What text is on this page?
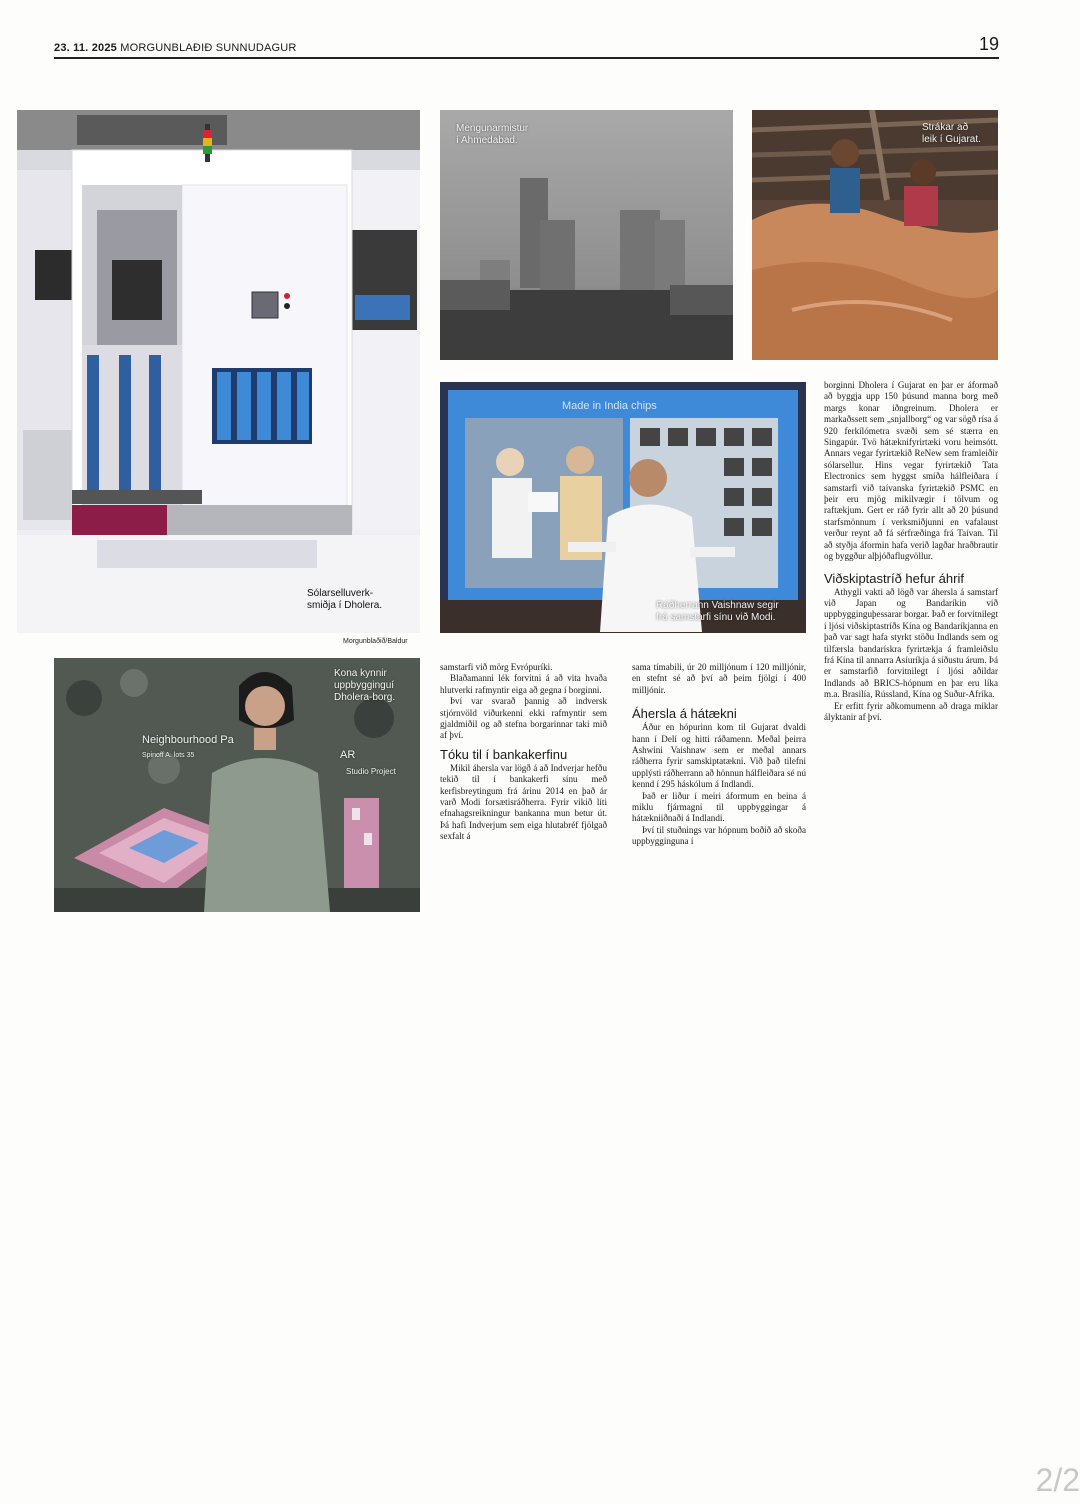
23. 11. 2025 MORGUNBLAÐIÐ SUNNUDAGUR	19
Sólarselluverk-
smiðja í Dholera.
Morgunblaðið/Baldur
Mengunarmistur
í Ahmedabad.
Strákar að
leik í Gujarat.
Made in India chips
Ráðherrann Vaishnaw segir
frá samstarfi sínu við Modi.
Neighbourhood Pa
Spinoff A. lots 35	AR
Studio Project
Kona kynnir
uppbygginguí
Dholera-borg.

borginni Dholera í Gujarat en þar er áformað að byggja upp 150 þúsund manna borg með margs konar iðngreinum. Dholera er markaðssett sem „snjallborg“ og var sögð rísa á 920 ferkílómetra svæði sem sé stærra en Singapúr. Tvö hátæknifyrirtæki voru heimsótt. Annars vegar fyrirtækið ReNew sem framleiðir sólarsellur. Hins vegar fyrirtækið Tata Electronics sem hyggst smíða hálfleiðara í samstarfi við taívanska fyrirtækið PSMC en þeir eru mjög mikilvægir í tölvum og raftækjum. Gert er ráð fyrir allt að 20 þúsund starfsmönnum í verksmiðjunni en vafalaust verður reynt að fá sérfræðinga frá Taívan. Til að styðja áformin hafa verið lagðar hraðbrautir og byggður alþjóðaflugvöllur.

Viðskiptastríð hefur áhrif

Athygli vakti að lögð var áhersla á samstarf við Japan og Bandaríkin við uppbygginguþessarar borgar. Það er forvitnilegt í ljósi viðskiptastríðs Kína og Bandaríkjanna en það var sagt hafa styrkt stöðu Indlands sem og tilfærsla bandarískra fyrirtækja á framleiðslu frá Kína til annarra Asíuríkja á síðustu árum. Þá er samstarfið forvitnilegt í ljósi aðildar Indlands að BRICS-hópnum en þar eru líka m.a. Brasilía, Rússland, Kína og Suður-Afríka.

Er erfitt fyrir aðkomumenn að draga miklar ályktanir af því.

samstarfi við mörg Evrópuríki.

Blaðamanni lék forvitni á að vita hvaða hlutverki rafmyntir eiga að gegna í borginni.

Því var svarað þannig að indversk stjórnvöld viðurkenni ekki rafmyntir sem gjaldmiðil og að stefna borgarinnar taki mið af því.

Tóku til í bankakerfinu

Mikil áhersla var lögð á að Indverjar hefðu tekið til í bankakerfi sínu með kerfisbreytingum frá árinu 2014 en það ár varð Modi forsætisráðherra. Fyrir vikið líti efnahagsreikningur bankanna mun betur út. Þá hafi Indverjum sem eiga hlutabréf fjölgað sexfalt á

sama tímabili, úr 20 milljónum í 120 milljónir, en stefnt sé að því að þeim fjölgi í 400 milljónir.

Áhersla á hátækni

Áður en hópurinn kom til Gujarat dvaldi hann í Delí og hitti ráðamenn. Meðal þeirra Ashwini Vaishnaw sem er meðal annars ráðherra fyrir samskiptatækni. Við það tilefni upplýsti ráðherrann að hönnun hálfleiðara sé nú kennd í 295 háskólum á Indlandi.

Það er liður í meiri áformum en beina á miklu fjármagni til uppbyggingar á hátækniiðnaði á Indlandi.

Því til stuðnings var hópnum boðið að skoða uppbygginguna í

2/2
